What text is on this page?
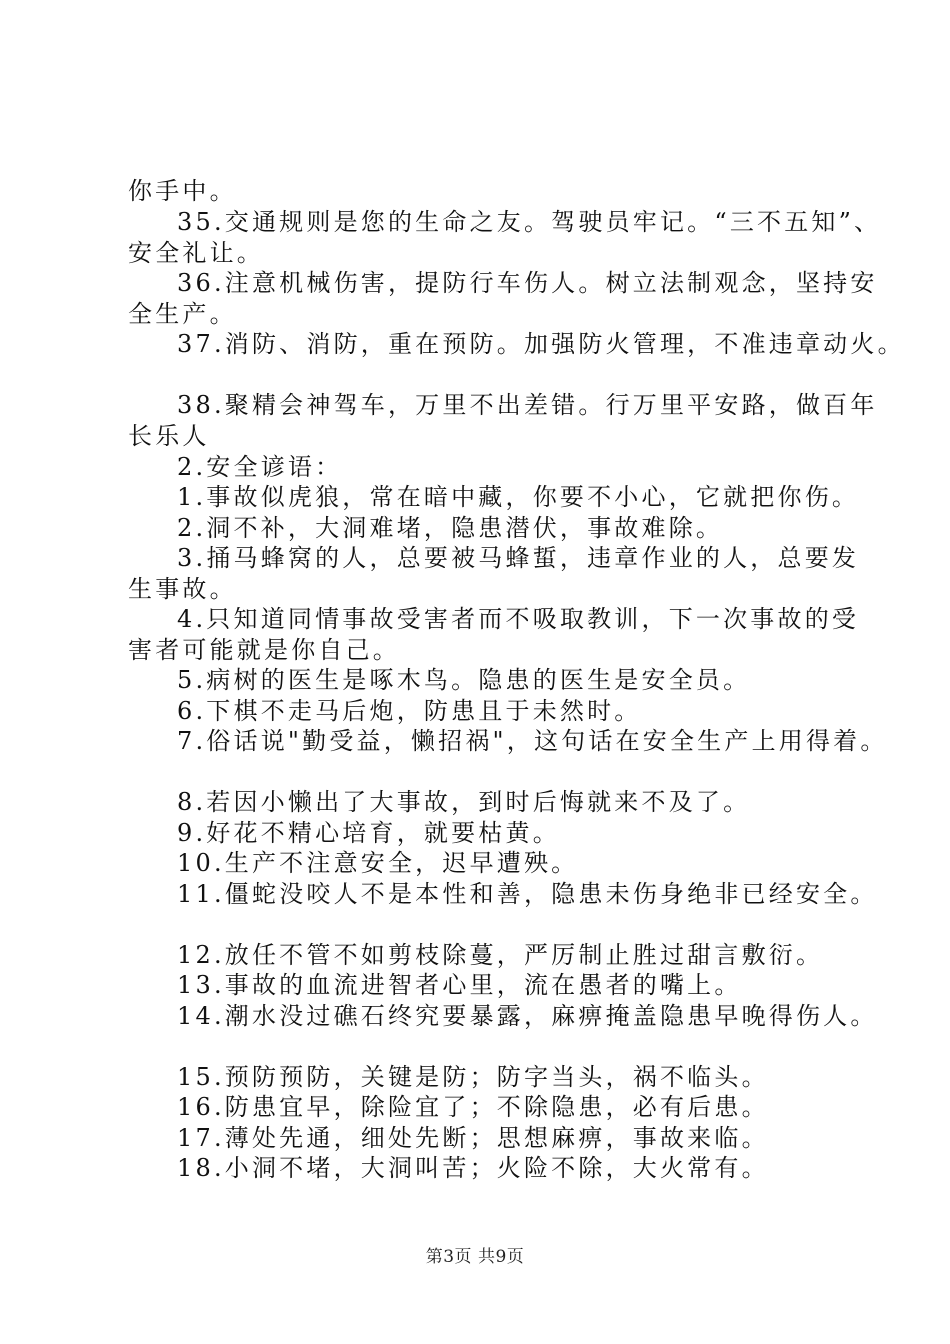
你手中。
35.交通规则是您的生命之友。驾驶员牢记。“三不五知”、
安全礼让。
36.注意机械伤害，提防行车伤人。树立法制观念，坚持安
全生产。
37.消防、消防，重在预防。加强防火管理，不准违章动火。
38.聚精会神驾车，万里不出差错。行万里平安路，做百年
长乐人
2.安全谚语：
1.事故似虎狼，常在暗中藏，你要不小心，它就把你伤。
2.洞不补，大洞难堵，隐患潜伏，事故难除。
3.捅马蜂窝的人，总要被马蜂蜇，违章作业的人，总要发
生事故。
4.只知道同情事故受害者而不吸取教训，下一次事故的受
害者可能就是你自己。
5.病树的医生是啄木鸟。隐患的医生是安全员。
6.下棋不走马后炮，防患且于未然时。
7.俗话说"勤受益，懒招祸"，这句话在安全生产上用得着。
8.若因小懒出了大事故，到时后悔就来不及了。
9.好花不精心培育，就要枯黄。
10.生产不注意安全，迟早遭殃。
11.僵蛇没咬人不是本性和善，隐患未伤身绝非已经安全。
12.放任不管不如剪枝除蔓，严厉制止胜过甜言敷衍。
13.事故的血流进智者心里，流在愚者的嘴上。
14.潮水没过礁石终究要暴露，麻痹掩盖隐患早晚得伤人。
15.预防预防，关键是防；防字当头，祸不临头。
16.防患宜早，除险宜了；不除隐患，必有后患。
17.薄处先通，细处先断；思想麻痹，事故来临。
18.小洞不堵，大洞叫苦；火险不除，大火常有。
第3页 共9页
